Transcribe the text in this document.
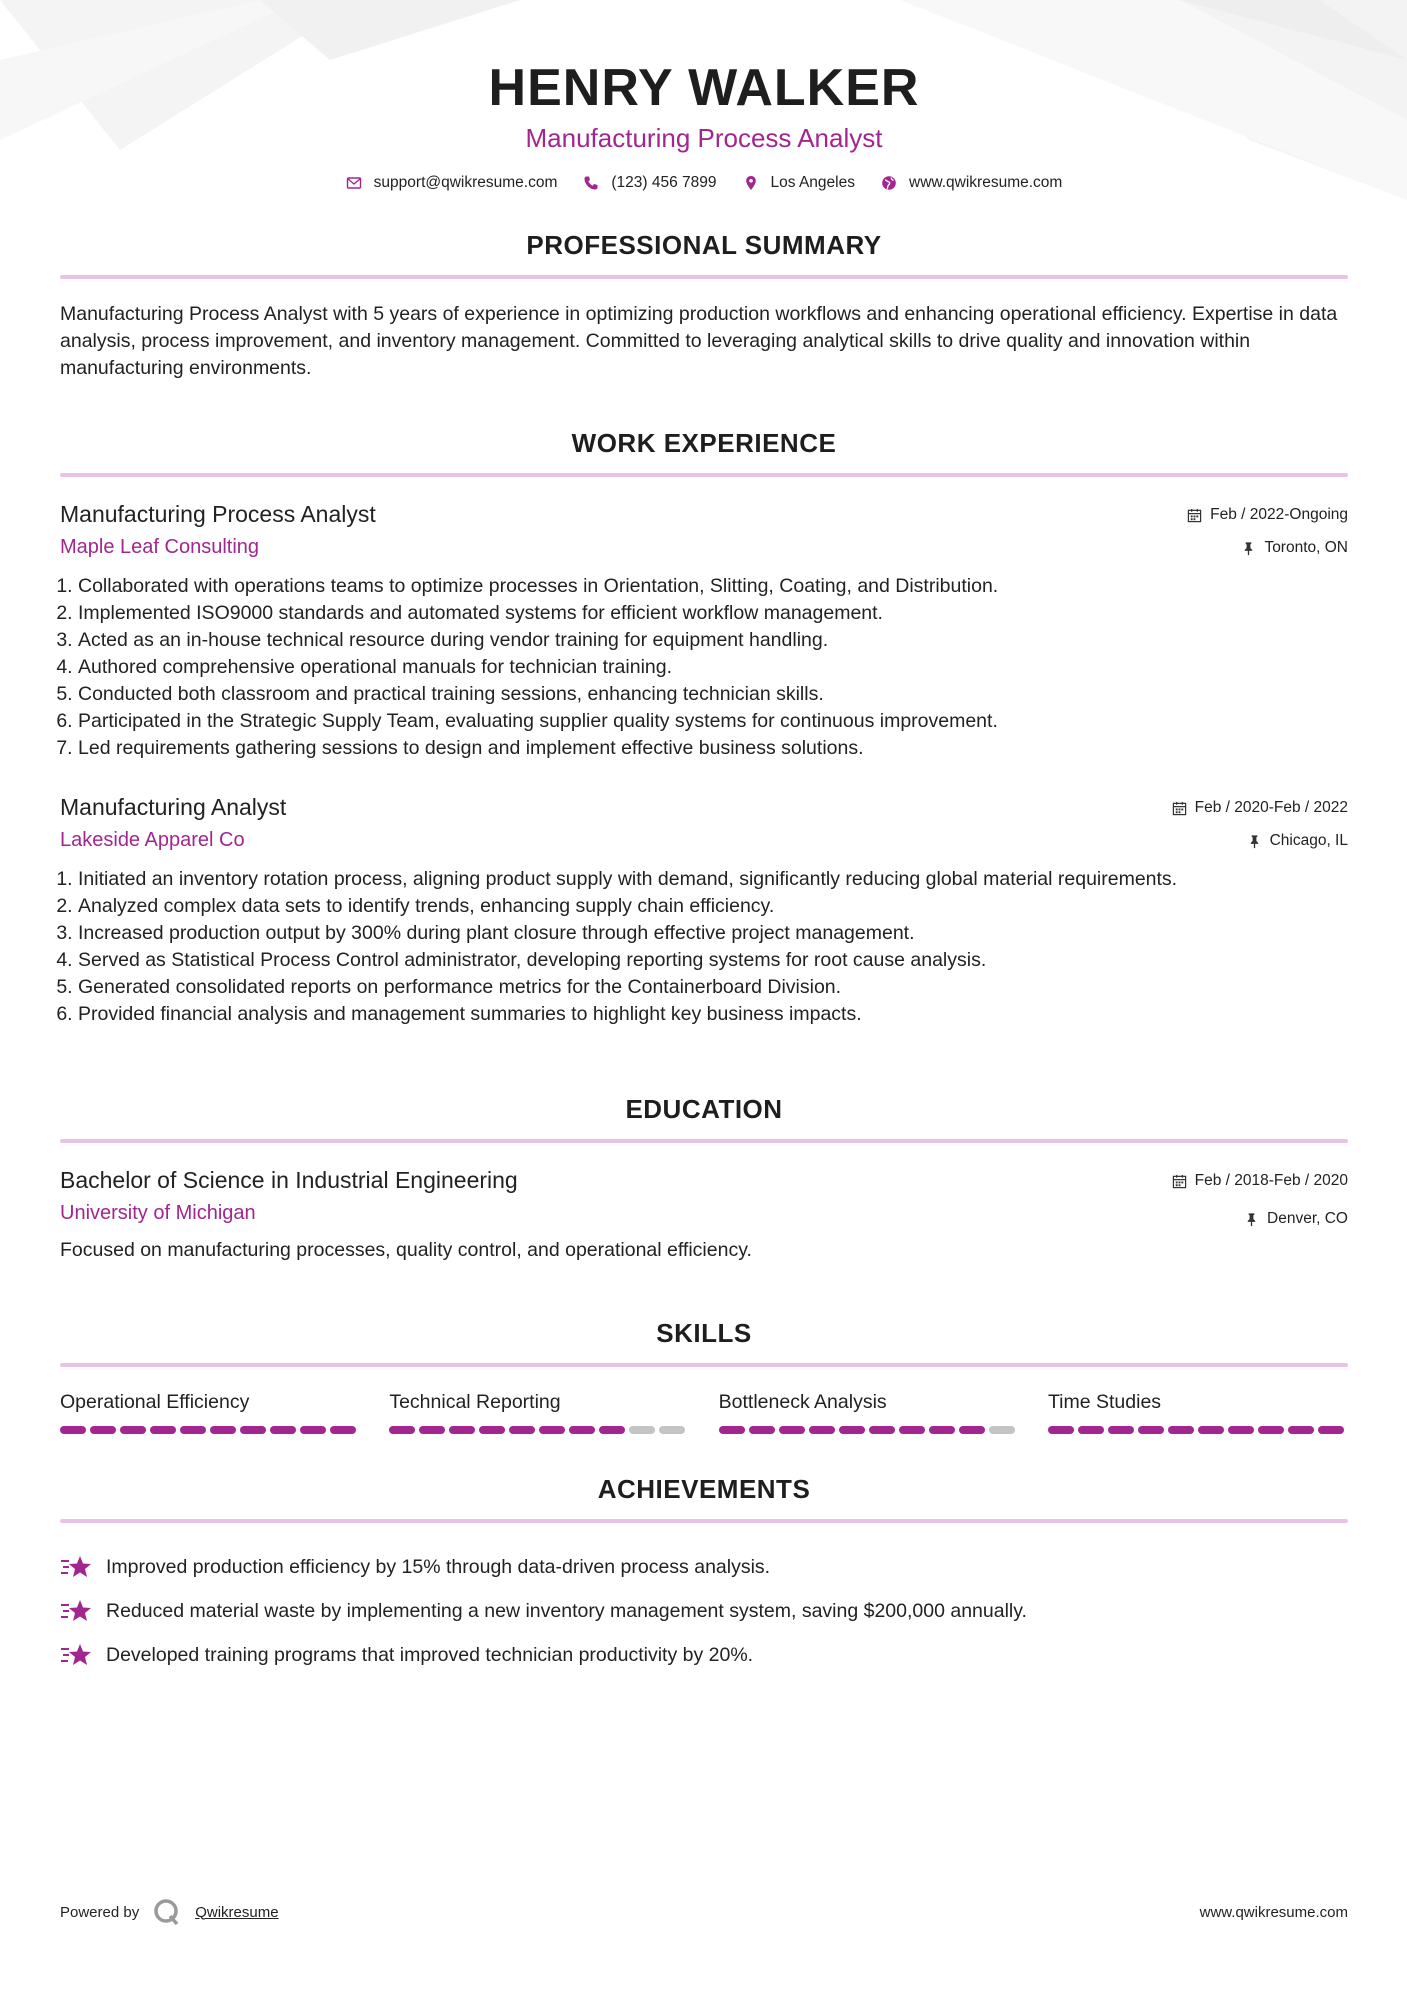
HENRY WALKER
Manufacturing Process Analyst
support@qwikresume.com	(123) 456 7899	Los Angeles	www.qwikresume.com
PROFESSIONAL SUMMARY
Manufacturing Process Analyst with 5 years of experience in optimizing production workflows and enhancing operational efficiency. Expertise in data analysis, process improvement, and inventory management. Committed to leveraging analytical skills to drive quality and innovation within manufacturing environments.
WORK EXPERIENCE
Manufacturing Process Analyst
Maple Leaf Consulting
Feb / 2022-Ongoing
Toronto, ON
1. Collaborated with operations teams to optimize processes in Orientation, Slitting, Coating, and Distribution.
2. Implemented ISO9000 standards and automated systems for efficient workflow management.
3. Acted as an in-house technical resource during vendor training for equipment handling.
4. Authored comprehensive operational manuals for technician training.
5. Conducted both classroom and practical training sessions, enhancing technician skills.
6. Participated in the Strategic Supply Team, evaluating supplier quality systems for continuous improvement.
7. Led requirements gathering sessions to design and implement effective business solutions.
Manufacturing Analyst
Lakeside Apparel Co
Feb / 2020-Feb / 2022
Chicago, IL
1. Initiated an inventory rotation process, aligning product supply with demand, significantly reducing global material requirements.
2. Analyzed complex data sets to identify trends, enhancing supply chain efficiency.
3. Increased production output by 300% during plant closure through effective project management.
4. Served as Statistical Process Control administrator, developing reporting systems for root cause analysis.
5. Generated consolidated reports on performance metrics for the Containerboard Division.
6. Provided financial analysis and management summaries to highlight key business impacts.
EDUCATION
Bachelor of Science in Industrial Engineering
University of Michigan
Feb / 2018-Feb / 2020
Denver, CO
Focused on manufacturing processes, quality control, and operational efficiency.
SKILLS
Operational Efficiency	Technical Reporting	Bottleneck Analysis	Time Studies
ACHIEVEMENTS
Improved production efficiency by 15% through data-driven process analysis.
Reduced material waste by implementing a new inventory management system, saving $200,000 annually.
Developed training programs that improved technician productivity by 20%.
Powered by	Qwikresume	www.qwikresume.com
